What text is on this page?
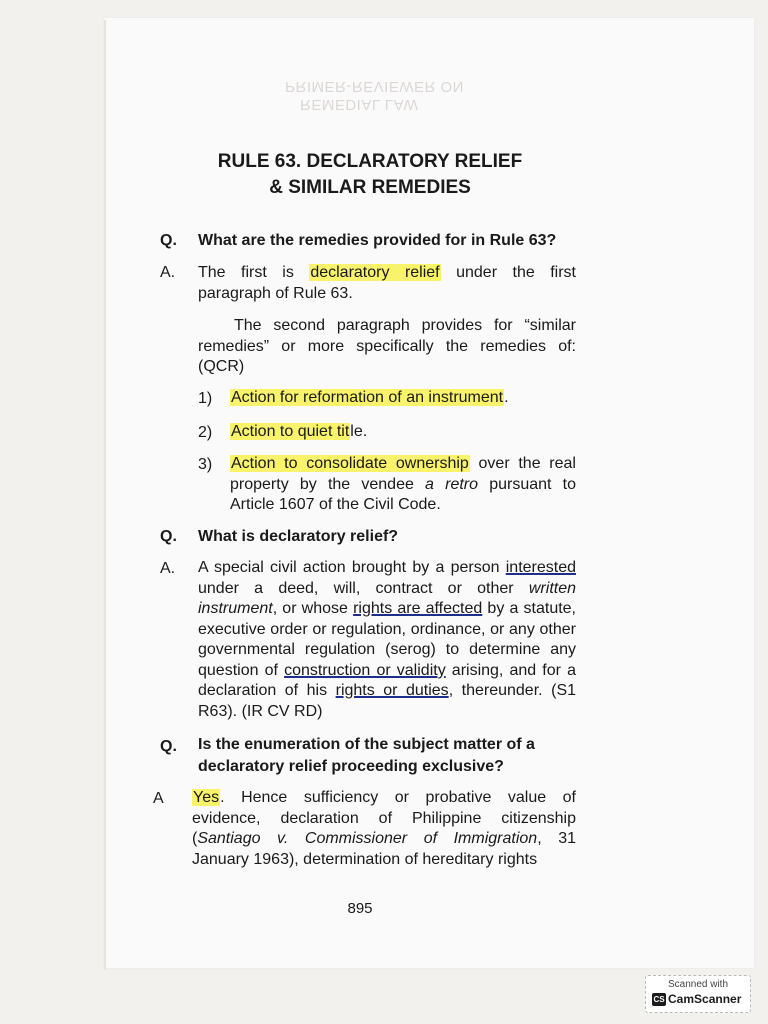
PRIMER-REVIEWER ON
REMEDIAL LAW
RULE 63. DECLARATORY RELIEF
& SIMILAR REMEDIES
Q. What are the remedies provided for in Rule 63?
A. The first is declaratory relief under the first paragraph of Rule 63.
The second paragraph provides for “similar remedies” or more specifically the remedies of: (QCR)
1) Action for reformation of an instrument.
2) Action to quiet title.
3) Action to consolidate ownership over the real property by the vendee a retro pursuant to Article 1607 of the Civil Code.
Q. What is declaratory relief?
A. A special civil action brought by a person interested under a deed, will, contract or other written instrument, or whose rights are affected by a statute, executive order or regulation, ordinance, or any other governmental regulation (serog) to determine any question of construction or validity arising, and for a declaration of his rights or duties, thereunder. (S1 R63). (IR CV RD)
Q. Is the enumeration of the subject matter of a declaratory relief proceeding exclusive?
A Yes. Hence sufficiency or probative value of evidence, declaration of Philippine citizenship (Santiago v. Commissioner of Immigration, 31 January 1963), determination of hereditary rights
895
Scanned with
CS CamScanner
